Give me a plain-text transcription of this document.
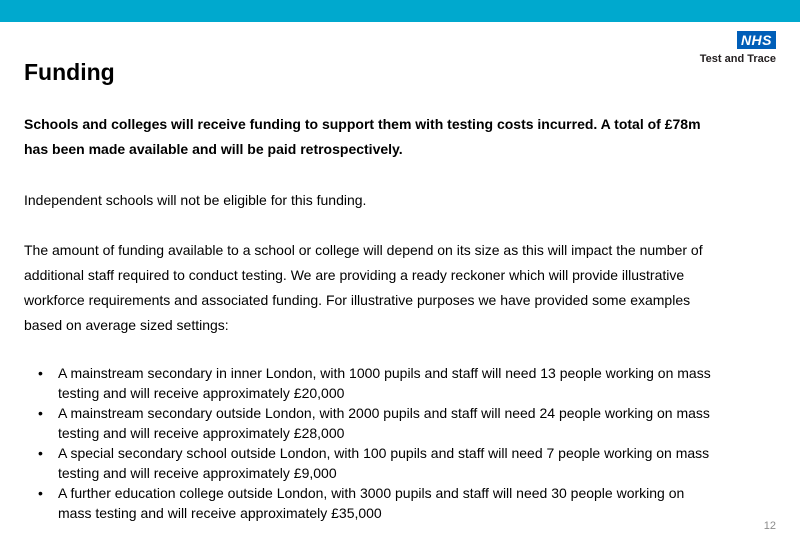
NHS
Test and Trace
Funding

Schools and colleges will receive funding to support them with testing costs incurred. A total of £78m has been made available and will be paid retrospectively.

Independent schools will not be eligible for this funding.

The amount of funding available to a school or college will depend on its size as this will impact the number of additional staff required to conduct testing. We are providing a ready reckoner which will provide illustrative workforce requirements and associated funding. For illustrative purposes we have provided some examples based on average sized settings:

• A mainstream secondary in inner London, with 1000 pupils and staff will need 13 people working on mass testing and will receive approximately £20,000
• A mainstream secondary outside London, with 2000 pupils and staff will need 24 people working on mass testing and will receive approximately £28,000
• A special secondary school outside London, with 100 pupils and staff will need 7 people working on mass testing and will receive approximately £9,000
• A further education college outside London, with 3000 pupils and staff will need 30 people working on mass testing and will receive approximately £35,000
12
